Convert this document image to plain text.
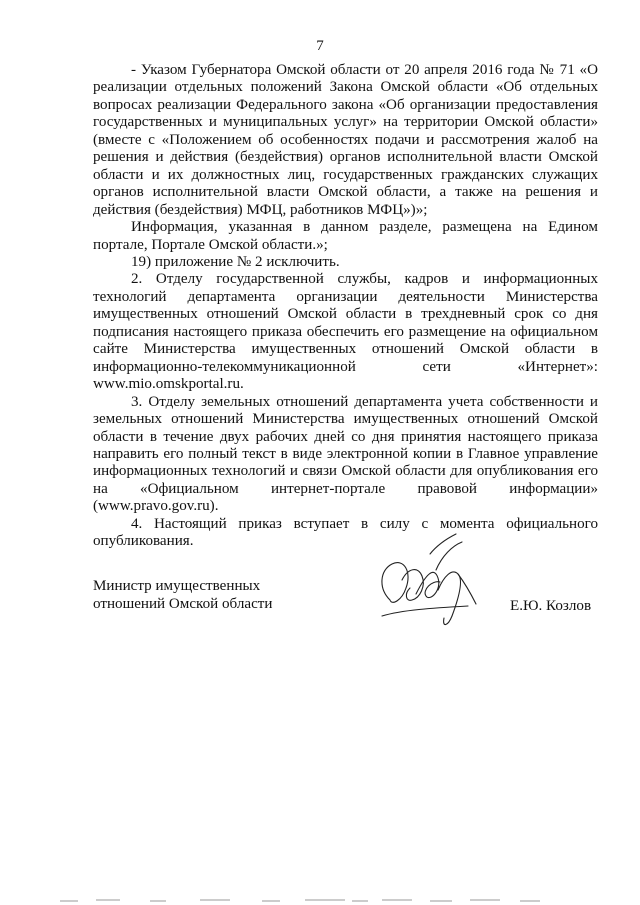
7

- Указом Губернатора Омской области от 20 апреля 2016 года № 71 «О реализации отдельных положений Закона Омской области «Об отдельных вопросах реализации Федерального закона «Об организации предоставления государственных и муниципальных услуг» на территории Омской области» (вместе с «Положением об особенностях подачи и рассмотрения жалоб на решения и действия (бездействия) органов исполнительной власти Омской области и их должностных лиц, государственных гражданских служащих органов исполнительной власти Омской области, а также на решения и действия (бездействия) МФЦ, работников МФЦ»)»;

Информация, указанная в данном разделе, размещена на Едином портале, Портале Омской области.»;

19) приложение № 2 исключить.

2. Отделу государственной службы, кадров и информационных технологий департамента организации деятельности Министерства имущественных отношений Омской области в трехдневный срок со дня подписания настоящего приказа обеспечить его размещение на официальном сайте Министерства имущественных отношений Омской области в информационно-телекоммуникационной сети «Интернет»: www.mio.omskportal.ru.

3. Отделу земельных отношений департамента учета собственности и земельных отношений Министерства имущественных отношений Омской области в течение двух рабочих дней со дня принятия настоящего приказа направить его полный текст в виде электронной копии в Главное управление информационных технологий и связи Омской области для опубликования его на «Официальном интернет-портале правовой информации» (www.pravo.gov.ru).

4. Настоящий приказ вступает в силу с момента официального опубликования.

Министр имущественных
отношений Омской области	Е.Ю. Козлов
